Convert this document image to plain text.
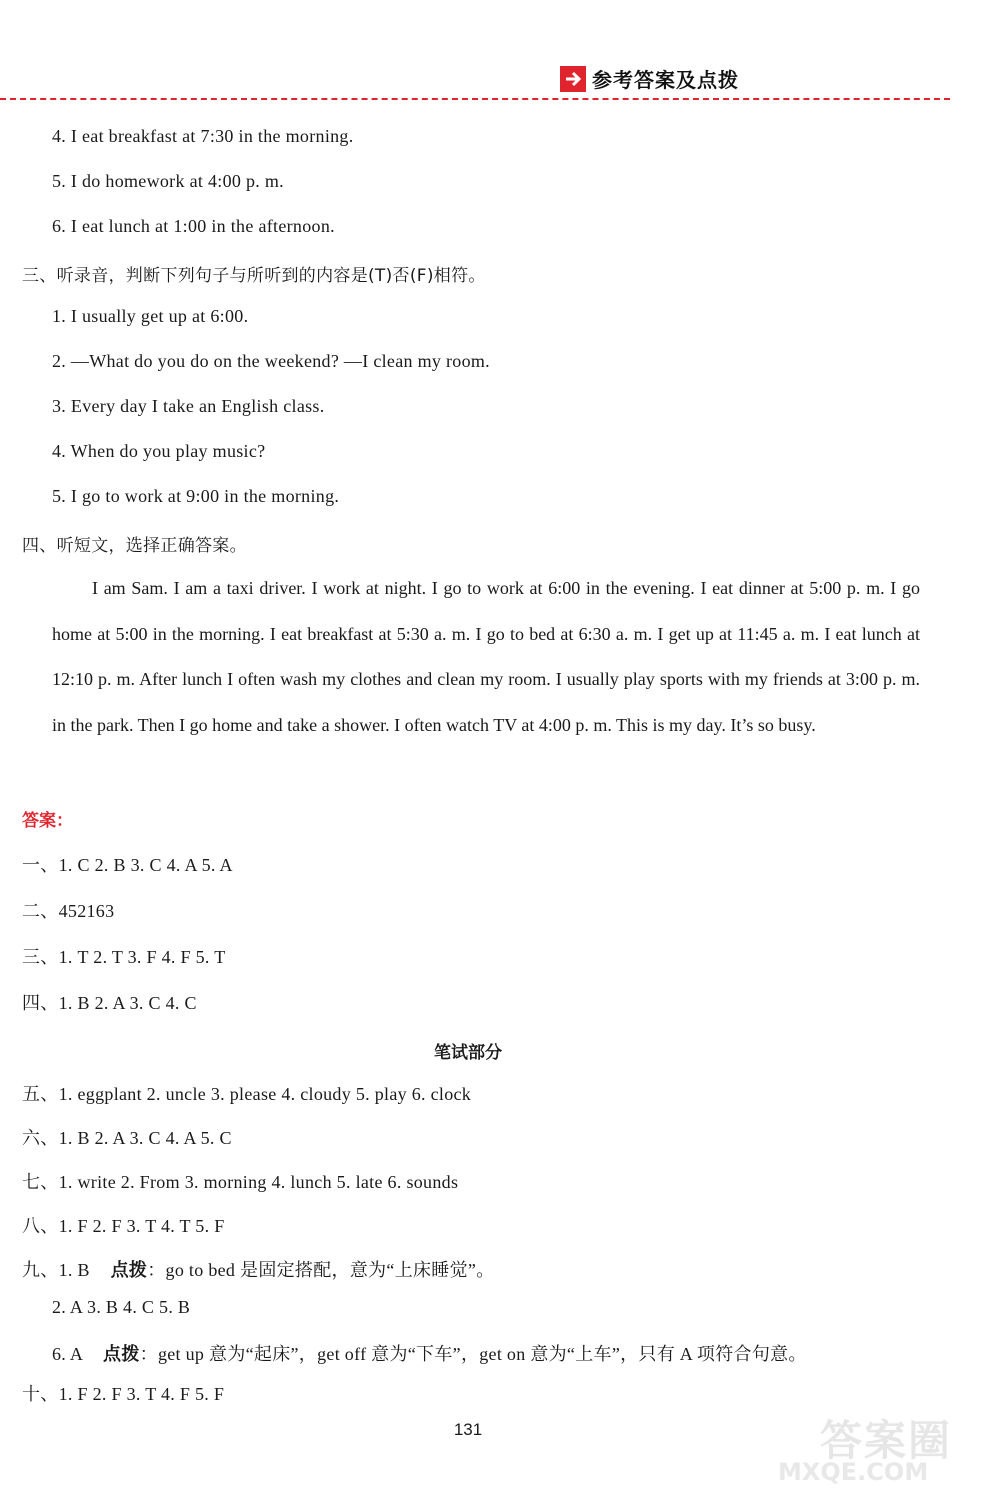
参考答案及点拨
4. I eat breakfast at 7:30 in the morning.
5. I do homework at 4:00 p. m.
6. I eat lunch at 1:00 in the afternoon.
三、听录音，判断下列句子与所听到的内容是(T)否(F)相符。
1. I usually get up at 6:00.
2. —What do you do on the weekend? —I clean my room.
3. Every day I take an English class.
4. When do you play music?
5. I go to work at 9:00 in the morning.
四、听短文，选择正确答案。
I am Sam. I am a taxi driver. I work at night. I go to work at 6:00 in the evening. I eat dinner at 5:00 p. m. I go home at 5:00 in the morning. I eat breakfast at 5:30 a. m. I go to bed at 6:30 a. m. I get up at 11:45 a. m. I eat lunch at 12:10 p. m. After lunch I often wash my clothes and clean my room. I usually play sports with my friends at 3:00 p. m. in the park. Then I go home and take a shower. I often watch TV at 4:00 p. m. This is my day. It’s so busy.
答案：
一、1. C 2. B 3. C 4. A 5. A
二、452163
三、1. T 2. T 3. F 4. F 5. T
四、1. B 2. A 3. C 4. C
笔试部分
五、1. eggplant 2. uncle 3. please 4. cloudy 5. play 6. clock
六、1. B 2. A 3. C 4. A 5. C
七、1. write 2. From 3. morning 4. lunch 5. late 6. sounds
八、1. F 2. F 3. T 4. T 5. F
九、1. B 点拨：go to bed 是固定搭配，意为“上床睡觉”。
2. A 3. B 4. C 5. B
6. A 点拨：get up 意为“起床”，get off 意为“下车”，get on 意为“上车”，只有 A 项符合句意。
十、1. F 2. F 3. T 4. F 5. F
131	答案圈
MXQE.COM
